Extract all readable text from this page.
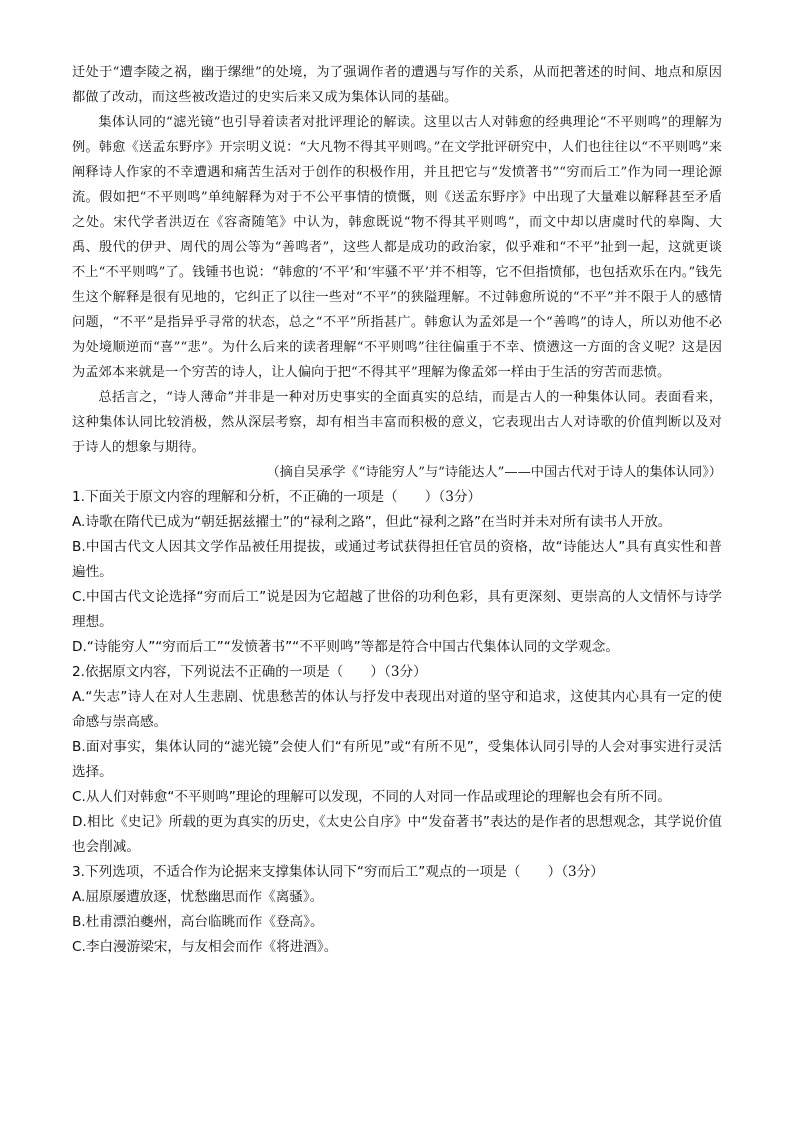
迁处于“遭李陵之祸，幽于缧绁”的处境，为了强调作者的遭遇与写作的关系，从而把著述的时间、地点和原因都做了改动，而这些被改造过的史实后来又成为集体认同的基础。

集体认同的“滤光镜”也引导着读者对批评理论的解读。这里以古人对韩愈的经典理论“不平则鸣”的理解为例。韩愈《送孟东野序》开宗明义说：“大凡物不得其平则鸣。”在文学批评研究中，人们也往往以“不平则鸣”来阐释诗人作家的不幸遭遇和痛苦生活对于创作的积极作用，并且把它与“发愤著书”“穷而后工”作为同一理论源流。假如把“不平则鸣”单纯解释为对于不公平事情的愤慨，则《送孟东野序》中出现了大量难以解释甚至矛盾之处。宋代学者洪迈在《容斋随笔》中认为，韩愈既说“物不得其平则鸣”，而文中却以唐虞时代的皋陶、大禹、殷代的伊尹、周代的周公等为“善鸣者”，这些人都是成功的政治家，似乎难和“不平”扯到一起，这就更谈不上“不平则鸣”了。钱锺书也说：“韩愈的‘不平’和‘牢骚不平’并不相等，它不但指愤郁，也包括欢乐在内。”钱先生这个解释是很有见地的，它纠正了以往一些对“不平”的狭隘理解。不过韩愈所说的“不平”并不限于人的感情问题，“不平”是指异乎寻常的状态，总之“不平”所指甚广。韩愈认为孟郊是一个“善鸣”的诗人，所以劝他不必为处境顺逆而“喜”“悲”。为什么后来的读者理解“不平则鸣”往往偏重于不幸、愤懑这一方面的含义呢？这是因为孟郊本来就是一个穷苦的诗人，让人偏向于把“不得其平”理解为像孟郊一样由于生活的穷苦而悲愤。

总括言之，“诗人薄命”并非是一种对历史事实的全面真实的总结，而是古人的一种集体认同。表面看来，这种集体认同比较消极，然从深层考察，却有相当丰富而积极的意义，它表现出古人对诗歌的价值判断以及对于诗人的想象与期待。

（摘自吴承学《“诗能穷人”与“诗能达人”——中国古代对于诗人的集体认同》）

1.下面关于原文内容的理解和分析，不正确的一项是（　　）（3分）

A.诗歌在隋代已成为“朝廷据兹擢士”的“禄利之路”，但此“禄利之路”在当时并未对所有读书人开放。

B.中国古代文人因其文学作品被任用提拔，或通过考试获得担任官员的资格，故“诗能达人”具有真实性和普遍性。

C.中国古代文论选择“穷而后工”说是因为它超越了世俗的功利色彩，具有更深刻、更崇高的人文情怀与诗学理想。

D.“诗能穷人”“穷而后工”“发愤著书”“不平则鸣”等都是符合中国古代集体认同的文学观念。

2.依据原文内容，下列说法不正确的一项是（　　）（3分）

A.“失志”诗人在对人生悲剧、忧患愁苦的体认与抒发中表现出对道的坚守和追求，这使其内心具有一定的使命感与崇高感。

B.面对事实，集体认同的“滤光镜”会使人们“有所见”或“有所不见”，受集体认同引导的人会对事实进行灵活选择。

C.从人们对韩愈“不平则鸣”理论的理解可以发现，不同的人对同一作品或理论的理解也会有所不同。

D.相比《史记》所载的更为真实的历史，《太史公自序》中“发奋著书”表达的是作者的思想观念，其学说价值也会削减。

3.下列选项，不适合作为论据来支撑集体认同下“穷而后工”观点的一项是（　　）（3分）

A.屈原屡遭放逐，忧愁幽思而作《离骚》。

B.杜甫漂泊夔州，高台临眺而作《登高》。

C.李白漫游梁宋，与友相会而作《将进酒》。
